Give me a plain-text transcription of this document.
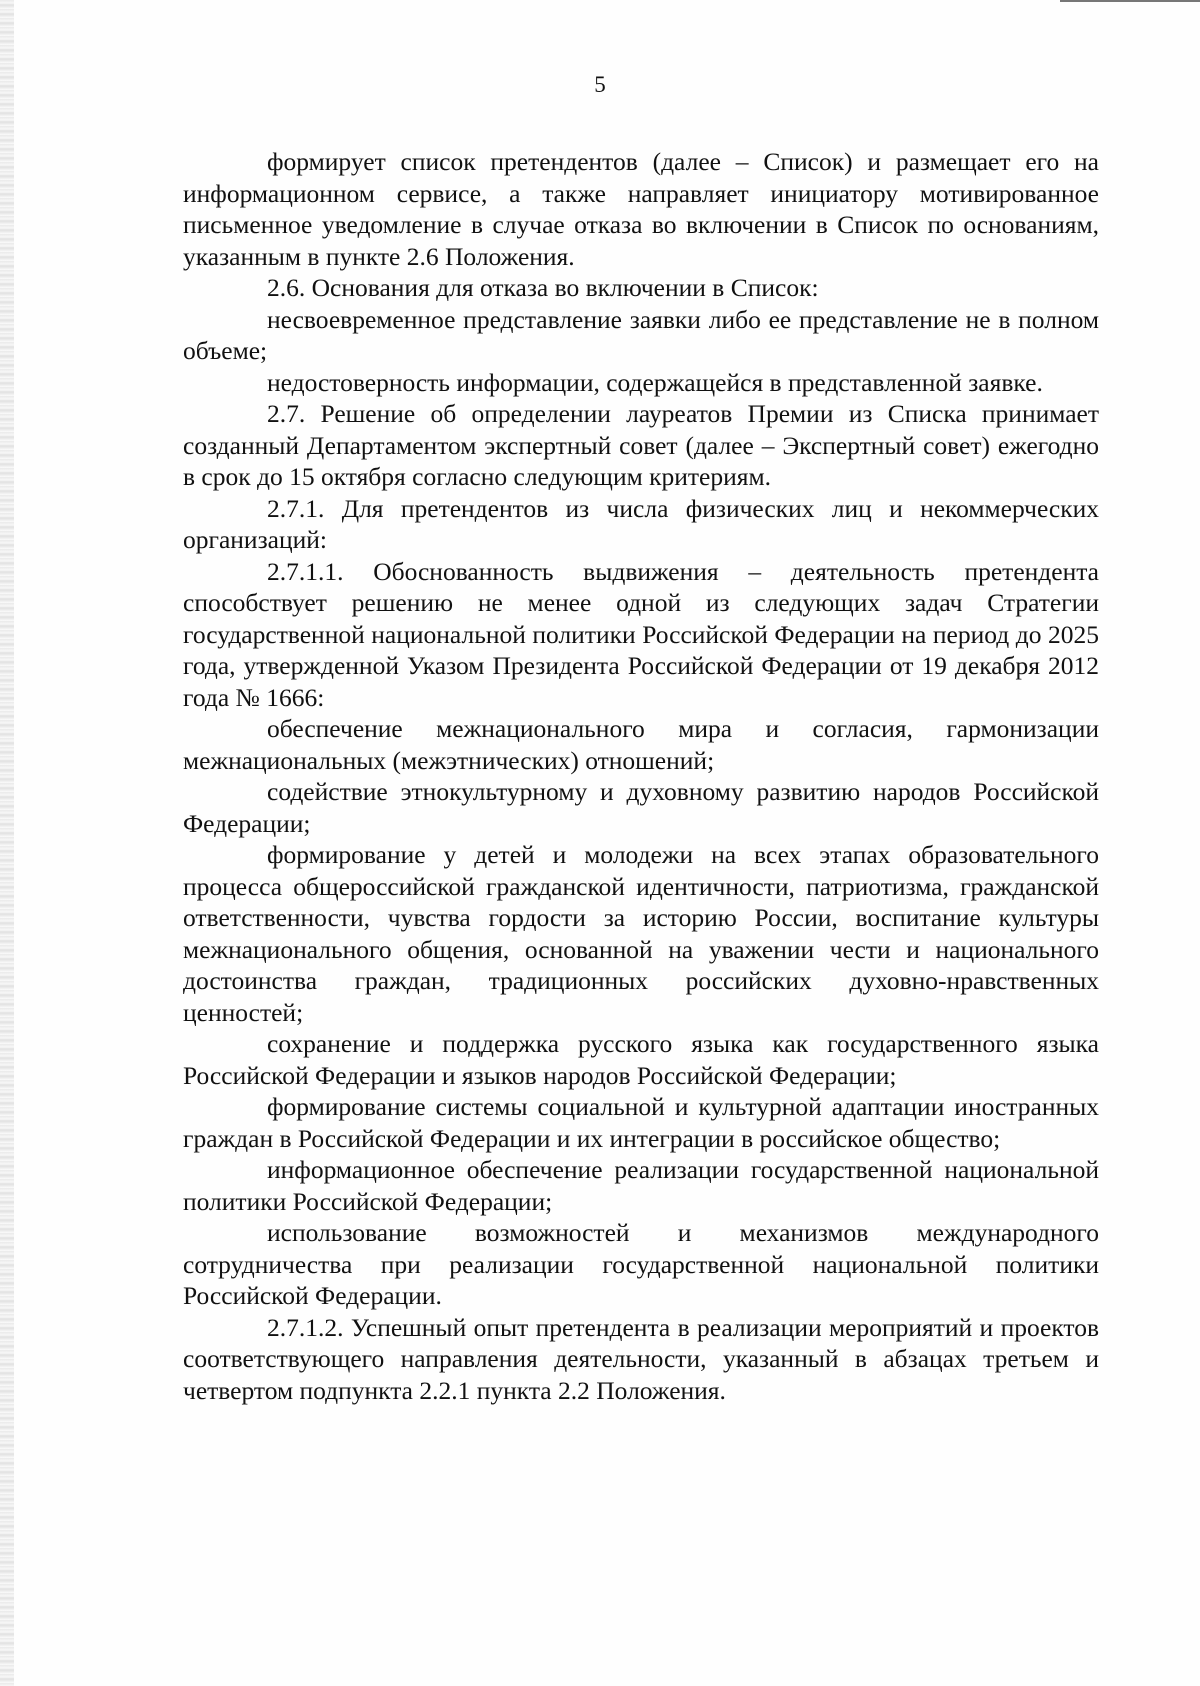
5

формирует список претендентов (далее – Список) и размещает его на информационном сервисе, а также направляет инициатору мотивированное письменное уведомление в случае отказа во включении в Список по основаниям, указанным в пункте 2.6 Положения.

2.6. Основания для отказа во включении в Список:

несвоевременное представление заявки либо ее представление не в полном объеме;

недостоверность информации, содержащейся в представленной заявке.

2.7. Решение об определении лауреатов Премии из Списка принимает созданный Департаментом экспертный совет (далее – Экспертный совет) ежегодно в срок до 15 октября согласно следующим критериям.

2.7.1. Для претендентов из числа физических лиц и некоммерческих организаций:

2.7.1.1. Обоснованность выдвижения – деятельность претендента способствует решению не менее одной из следующих задач Стратегии государственной национальной политики Российской Федерации на период до 2025 года, утвержденной Указом Президента Российской Федерации от 19 декабря 2012 года № 1666:

обеспечение межнационального мира и согласия, гармонизации межнациональных (межэтнических) отношений;

содействие этнокультурному и духовному развитию народов Российской Федерации;

формирование у детей и молодежи на всех этапах образовательного процесса общероссийской гражданской идентичности, патриотизма, гражданской ответственности, чувства гордости за историю России, воспитание культуры межнационального общения, основанной на уважении чести и национального достоинства граждан, традиционных российских духовно-нравственных ценностей;

сохранение и поддержка русского языка как государственного языка Российской Федерации и языков народов Российской Федерации;

формирование системы социальной и культурной адаптации иностранных граждан в Российской Федерации и их интеграции в российское общество;

информационное обеспечение реализации государственной национальной политики Российской Федерации;

использование возможностей и механизмов международного сотрудничества при реализации государственной национальной политики Российской Федерации.

2.7.1.2. Успешный опыт претендента в реализации мероприятий и проектов соответствующего направления деятельности, указанный в абзацах третьем и четвертом подпункта 2.2.1 пункта 2.2 Положения.
